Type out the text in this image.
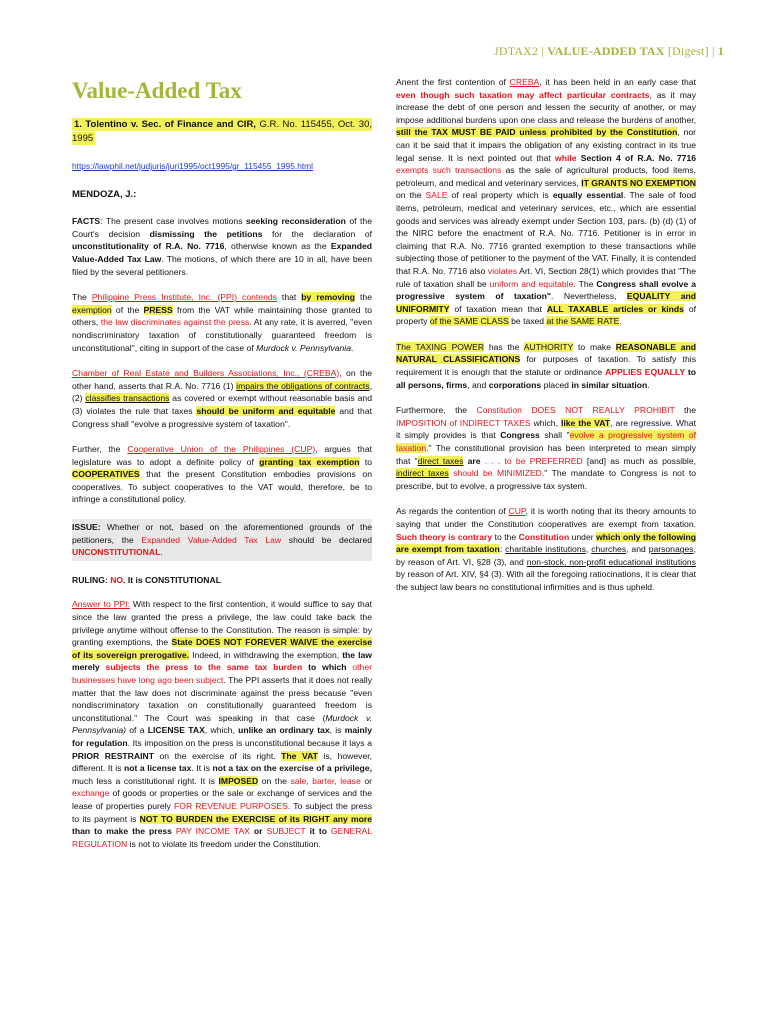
JDTAX2 | VALUE-ADDED TAX [Digest] | 1
Value-Added Tax
1. Tolentino v. Sec. of Finance and CIR, G.R. No. 115455, Oct. 30, 1995
https://lawphil.net/judjuris/juri1995/oct1995/gr_115455_1995.html
MENDOZA, J.:

FACTS: The present case involves motions seeking reconsideration of the Court's decision dismissing the petitions for the declaration of unconstitutionality of R.A. No. 7716, otherwise known as the Expanded Value-Added Tax Law. The motions, of which there are 10 in all, have been filed by the several petitioners.

The Philippine Press Institute, Inc. (PPI) contends that by removing the exemption of the PRESS from the VAT while maintaining those granted to others, the law discriminates against the press. At any rate, it is averred, "even nondiscriminatory taxation of constitutionally guaranteed freedom is unconstitutional", citing in support of the case of Murdock v. Pennsylvania.

Chamber of Real Estate and Builders Associations, Inc., (CREBA), on the other hand, asserts that R.A. No. 7716 (1) impairs the obligations of contracts, (2) classifies transactions as covered or exempt without reasonable basis and (3) violates the rule that taxes should be uniform and equitable and that Congress shall "evolve a progressive system of taxation".

Further, the Cooperative Union of the Philippines (CUP), argues that legislature was to adopt a definite policy of granting tax exemption to COOPERATIVES that the present Constitution embodies provisions on cooperatives. To subject cooperatives to the VAT would, therefore, be to infringe a constitutional policy.

ISSUE: Whether or not, based on the aforementioned grounds of the petitioners, the Expanded Value-Added Tax Law should be declared UNCONSTITUTIONAL.

RULING: NO. It is CONSTITUTIONAL

Answer to PPI: With respect to the first contention, it would suffice to say that since the law granted the press a privilege, the law could take back the privilege anytime without offense to the Constitution. The reason is simple: by granting exemptions, the State DOES NOT FOREVER WAIVE the exercise of its sovereign prerogative. Indeed, in withdrawing the exemption, the law merely subjects the press to the same tax burden to which other businesses have long ago been subject. The PPI asserts that it does not really matter that the law does not discriminate against the press because "even nondiscriminatory taxation on constitutionally guaranteed freedom is unconstitutional." The Court was speaking in that case (Murdock v. Pennsylvania) of a LICENSE TAX, which, unlike an ordinary tax, is mainly for regulation. Its imposition on the press is unconstitutional because it lays a PRIOR RESTRAINT on the exercise of its right. The VAT is, however, different. It is not a license tax. It is not a tax on the exercise of a privilege, much less a constitutional right. It is IMPOSED on the sale, barter, lease or exchange of goods or properties or the sale or exchange of services and the lease of properties purely FOR REVENUE PURPOSES. To subject the press to its payment is NOT TO BURDEN the EXERCISE of its RIGHT any more than to make the press PAY INCOME TAX or SUBJECT it to GENERAL REGULATION is not to violate its freedom under the Constitution.

Anent the first contention of CREBA, it has been held in an early case that even though such taxation may affect particular contracts, as it may increase the debt of one person and lessen the security of another, or may impose additional burdens upon one class and release the burdens of another, still the TAX MUST BE PAID unless prohibited by the Constitution, nor can it be said that it impairs the obligation of any existing contract in its true legal sense. It is next pointed out that while Section 4 of R.A. No. 7716 exempts such transactions as the sale of agricultural products, food items, petroleum, and medical and veterinary services, IT GRANTS NO EXEMPTION on the SALE of real property which is equally essential. The sale of food items, petroleum, medical and veterinary services, etc., which are essential goods and services was already exempt under Section 103, pars. (b) (d) (1) of the NIRC before the enactment of R.A. No. 7716. Petitioner is in error in claiming that R.A. No. 7716 granted exemption to these transactions while subjecting those of petitioner to the payment of the VAT. Finally, it is contended that R.A. No. 7716 also violates Art. VI, Section 28(1) which provides that "The rule of taxation shall be uniform and equitable. The Congress shall evolve a progressive system of taxation". Nevertheless, EQUALITY and UNIFORMITY of taxation mean that ALL TAXABLE articles or kinds of property of the SAME CLASS be taxed at the SAME RATE.

The TAXING POWER has the AUTHORITY to make REASONABLE and NATURAL CLASSIFICATIONS for purposes of taxation. To satisfy this requirement it is enough that the statute or ordinance APPLIES EQUALLY to all persons, firms, and corporations placed in similar situation.

Furthermore, the Constitution DOES NOT REALLY PROHIBIT the IMPOSITION of INDIRECT TAXES which, like the VAT, are regressive. What it simply provides is that Congress shall "evolve a progressive system of taxation." The constitutional provision has been interpreted to mean simply that "direct taxes are . . . to be PREFERRED [and] as much as possible, indirect taxes should be MINIMIZED." The mandate to Congress is not to prescribe, but to evolve, a progressive tax system.

As regards the contention of CUP, it is worth noting that its theory amounts to saying that under the Constitution cooperatives are exempt from taxation. Such theory is contrary to the Constitution under which only the following are exempt from taxation: charitable institutions, churches, and parsonages, by reason of Art. VI, §28 (3), and non-stock, non-profit educational institutions by reason of Art. XIV, §4 (3). With all the foregoing ratiocinations, it is clear that the subject law bears no constitutional infirmities and is thus upheld.
